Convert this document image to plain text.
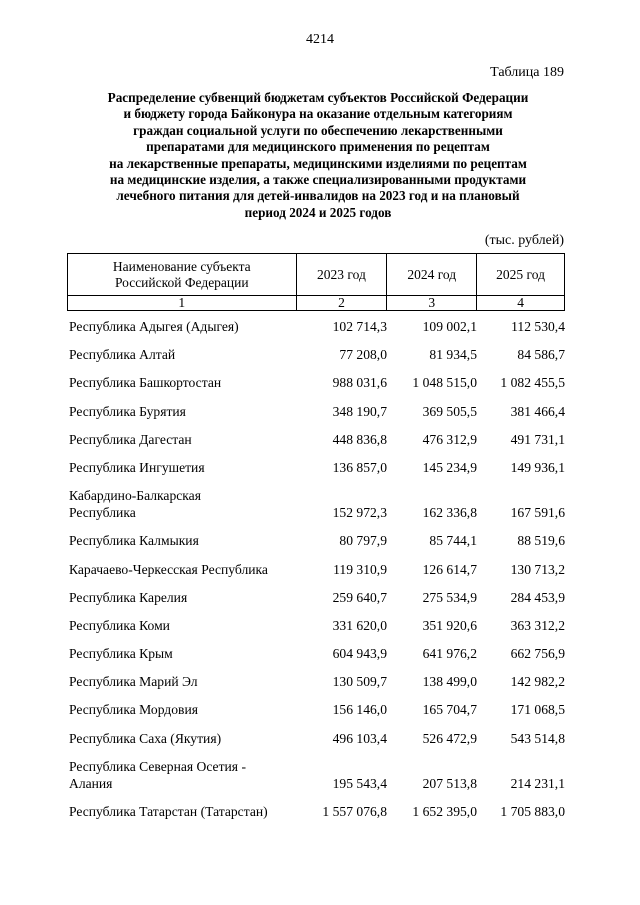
4214
Таблица 189
Распределение субвенций бюджетам субъектов Российской Федерации
и бюджету города Байконура на оказание отдельным категориям
граждан социальной услуги по обеспечению лекарственными
препаратами для медицинского применения по рецептам
на лекарственные препараты, медицинскими изделиями по рецептам
на медицинские изделия, а также специализированными продуктами
лечебного питания для детей-инвалидов на 2023 год и на плановый
период 2024 и 2025 годов
(тыс. рублей)
Наименование субъекта
Российской Федерации	2023 год	2024 год	2025 год
1	2	3	4
Республика Адыгея (Адыгея)	102 714,3	109 002,1	112 530,4
Республика Алтай	77 208,0	81 934,5	84 586,7
Республика Башкортостан	988 031,6	1 048 515,0	1 082 455,5
Республика Бурятия	348 190,7	369 505,5	381 466,4
Республика Дагестан	448 836,8	476 312,9	491 731,1
Республика Ингушетия	136 857,0	145 234,9	149 936,1
Кабардино-Балкарская
Республика	152 972,3	162 336,8	167 591,6
Республика Калмыкия	80 797,9	85 744,1	88 519,6
Карачаево-Черкесская Республика	119 310,9	126 614,7	130 713,2
Республика Карелия	259 640,7	275 534,9	284 453,9
Республика Коми	331 620,0	351 920,6	363 312,2
Республика Крым	604 943,9	641 976,2	662 756,9
Республика Марий Эл	130 509,7	138 499,0	142 982,2
Республика Мордовия	156 146,0	165 704,7	171 068,5
Республика Саха (Якутия)	496 103,4	526 472,9	543 514,8
Республика Северная Осетия -
Алания	195 543,4	207 513,8	214 231,1
Республика Татарстан (Татарстан)	1 557 076,8	1 652 395,0	1 705 883,0
